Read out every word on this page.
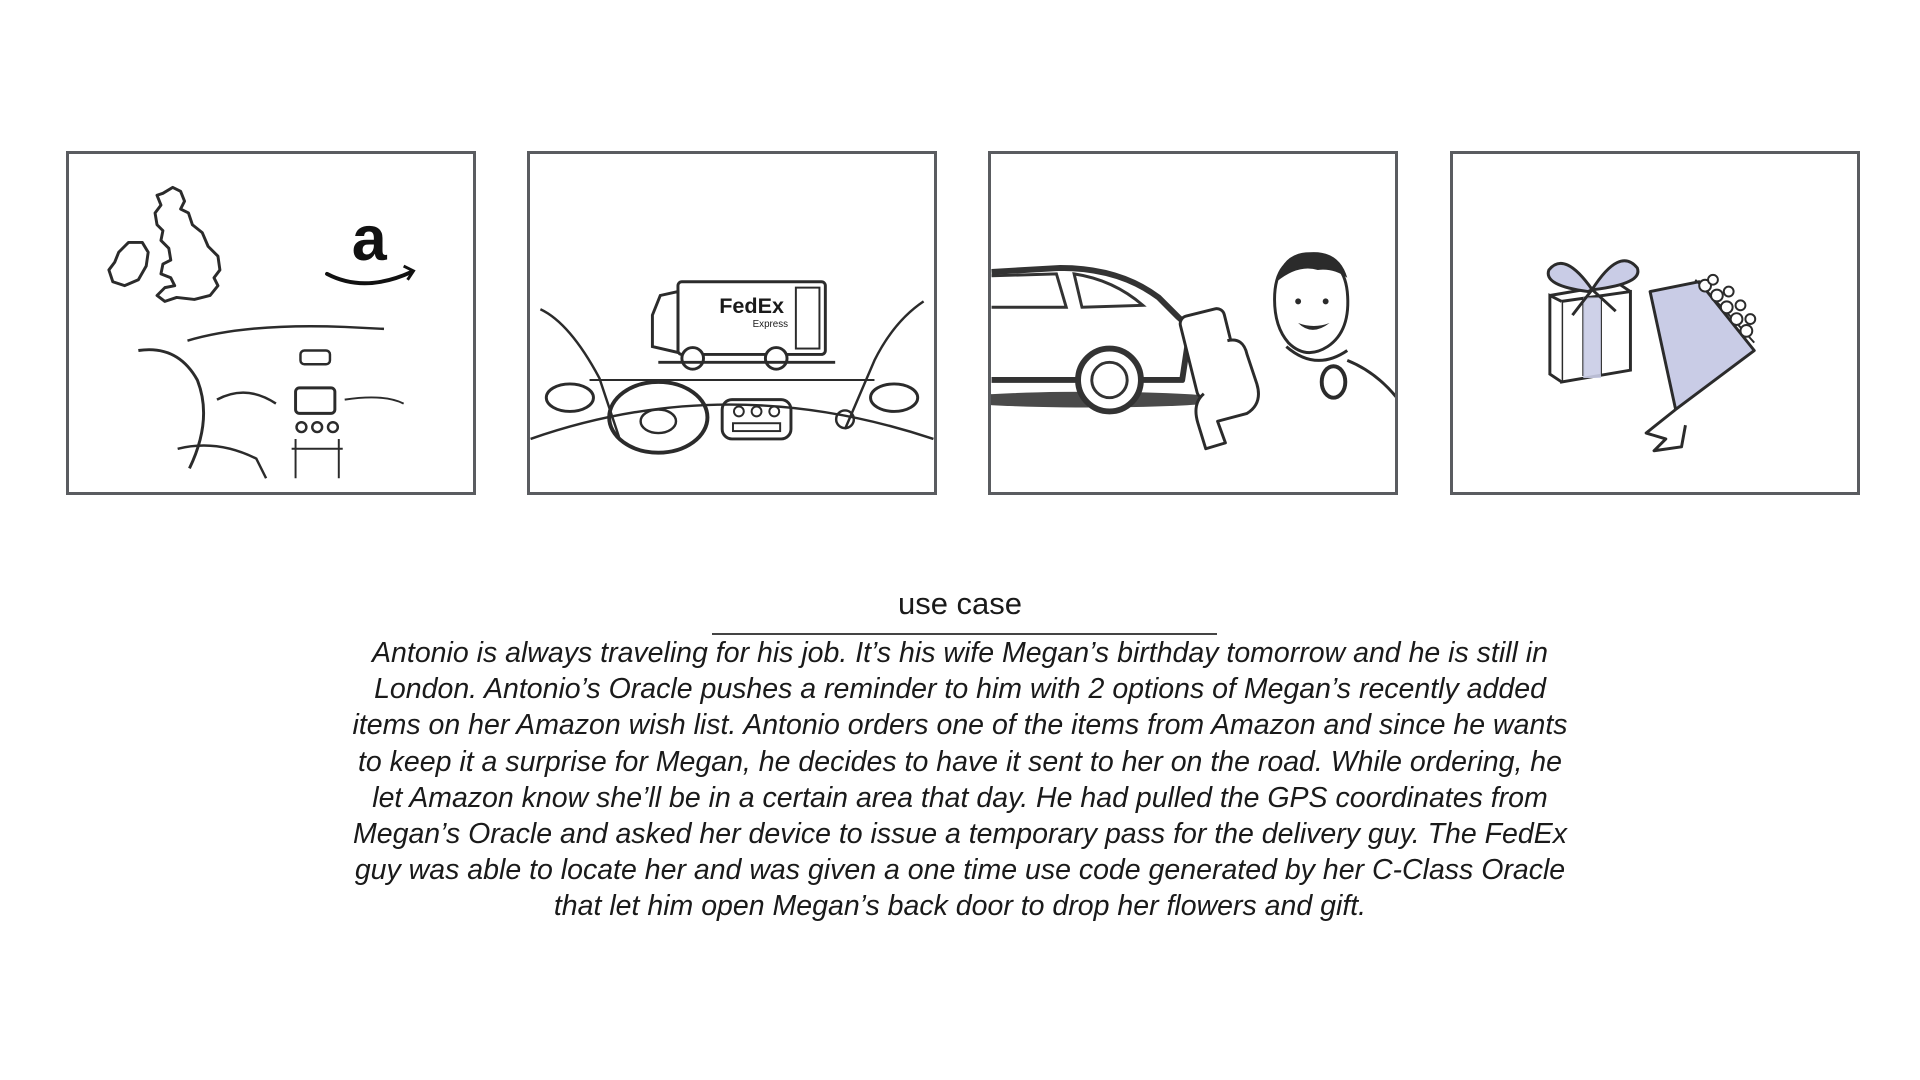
a
FedEx
Express
use case
Antonio is always traveling for his job. It’s his wife Megan’s birthday tomorrow and he is still in London. Antonio’s Oracle pushes a reminder to him with 2 options of Megan’s recently added items on her Amazon wish list. Antonio orders one of the items from Amazon and since he wants to keep it a surprise for Megan, he decides to have it sent to her on the road. While ordering, he let Amazon know she’ll be in a certain area that day. He had pulled the GPS coordinates from Megan’s Oracle and asked her device to issue a temporary pass for the delivery guy. The FedEx guy was able to locate her and was given a one time use code generated by her C-Class Oracle that let him open Megan’s back door to drop her flowers and gift.
